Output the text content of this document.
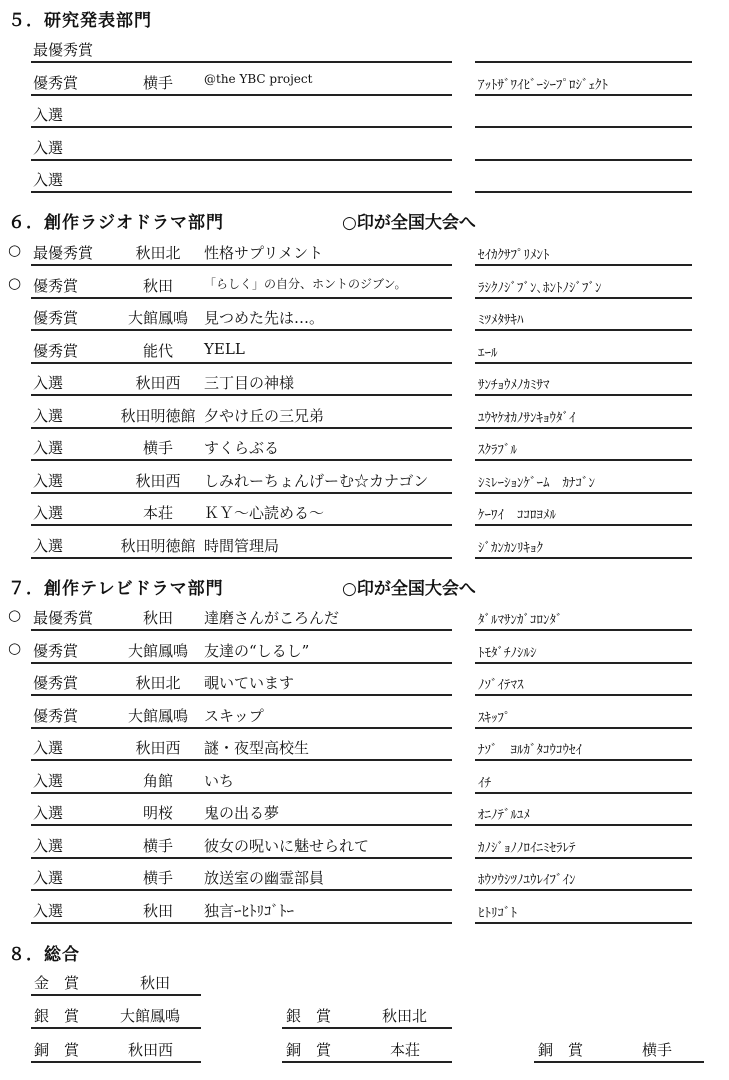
５．研究発表部門
最優秀賞
優秀賞	横手	@the YBC project	ｱｯﾄｻﾞﾜｲﾋﾞｰｼｰﾌﾟﾛｼﾞｪｸﾄ
入選
入選
入選
６．創作ラジオドラマ部門	○印が全国大会へ
○ 最優秀賞	秋田北	性格サプリメント	ｾｲｶｸｻﾌﾟﾘﾒﾝﾄ
○ 優秀賞	秋田	「らしく」の自分、ホントのジブン。	ﾗｼｸﾉｼﾞﾌﾞﾝ､ﾎﾝﾄﾉｼﾞﾌﾞﾝ
優秀賞	大館鳳鳴	見つめた先は…。	ﾐﾂﾒﾀｻｷﾊ
優秀賞	能代	YELL	ｴｰﾙ
入選	秋田西	三丁目の神様	ｻﾝﾁｮｳﾒﾉｶﾐｻﾏ
入選	秋田明徳館 夕やけ丘の三兄弟	ﾕｳﾔｹｵｶﾉｻﾝｷｮｳﾀﾞｲ
入選	横手	すくらぶる	ｽｸﾗﾌﾞﾙ
入選	秋田西	しみれーちょんげーむ☆カナゴン	ｼﾐﾚｰｼｮﾝｹﾞｰﾑ　ｶﾅｺﾞﾝ
入選	本荘	ＫＹ～心読める～	ｹｰﾜｲ　ｺｺﾛﾖﾒﾙ
入選	秋田明徳館 時間管理局	ｼﾞｶﾝｶﾝﾘｷｮｸ
７．創作テレビドラマ部門	○印が全国大会へ
○ 最優秀賞	秋田	達磨さんがころんだ	ﾀﾞﾙﾏｻﾝｶﾞｺﾛﾝﾀﾞ
○ 優秀賞	大館鳳鳴	友達の“しるし”	ﾄﾓﾀﾞﾁﾉｼﾙｼ
優秀賞	秋田北	覗いています	ﾉｿﾞｲﾃﾏｽ
優秀賞	大館鳳鳴	スキップ	ｽｷｯﾌﾟ
入選	秋田西	謎・夜型高校生	ﾅｿﾞ　ﾖﾙｶﾞﾀｺｳｺｳｾｲ
入選	角館	いち	ｲﾁ
入選	明桜	鬼の出る夢	ｵﾆﾉﾃﾞﾙﾕﾒ
入選	横手	彼女の呪いに魅せられて	ｶﾉｼﾞｮﾉﾉﾛｲﾆﾐｾﾗﾚﾃ
入選	横手	放送室の幽霊部員	ﾎｳｿｳｼﾂﾉﾕｳﾚｲﾌﾞｲﾝ
入選	秋田	独言ｰﾋﾄﾘｺﾞﾄｰ	ﾋﾄﾘｺﾞﾄ
８．総合
金　賞	秋田
銀　賞	大館鳳鳴	銀　賞	秋田北
銅　賞	秋田西	銅　賞	本荘	銅　賞	横手
